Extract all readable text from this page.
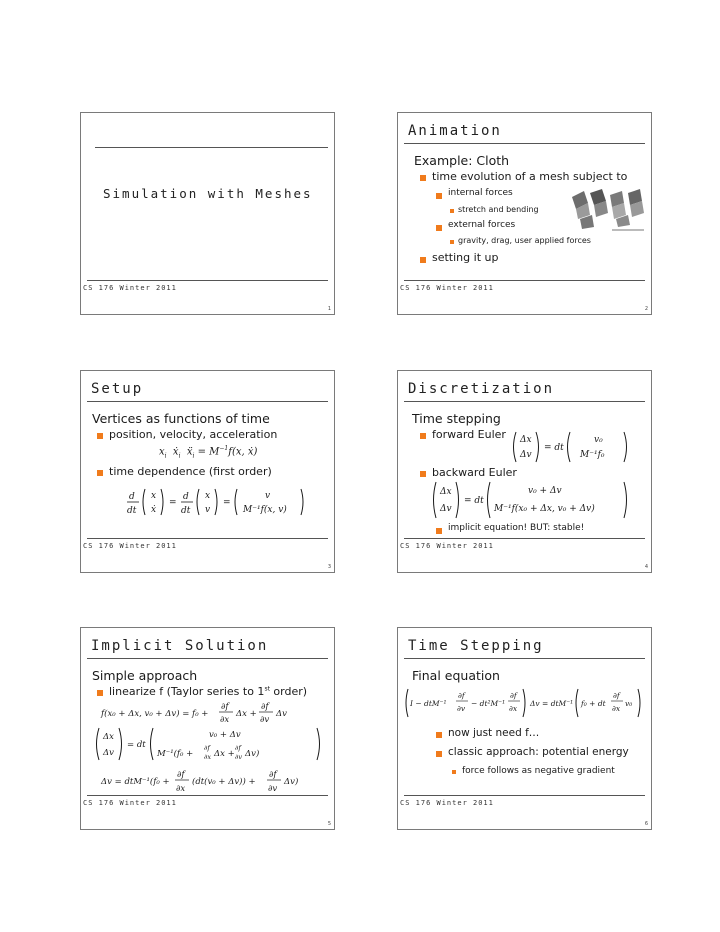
Simulation with Meshes
CS 176 Winter 2011
1
Animation
Example: Cloth
time evolution of a mesh subject to
internal forces
stretch and bending
external forces
gravity, drag, user applied forces
setting it up
CS 176 Winter 2011
2
Setup
Vertices as functions of time
position, velocity, acceleration
$x_i$  ẋ$_i$  ẍ$_i$ = $M^{-1}f(x$, ẋ)
time dependence (first order)
d
dt
x
ẋ
=
d
dt
x
v
=
v
M⁻¹f(x, v)
CS 176 Winter 2011
3
Discretization
Time stepping
forward Euler Δx
Δv
= dt
v₀
M⁻¹f₀
backward Euler
Δx
Δv
= dt
v₀ + Δv
M⁻¹f(x₀ + Δx, v₀ + Δv)
implicit equation! BUT: stable!
CS 176 Winter 2011
4
Implicit Solution
Simple approach
linearize f (Taylor series to 1st order)
f(x₀ + Δx, v₀ + Δv) = f₀ +
∂f
∂x
Δx +
∂f
∂v
Δv
Δx
Δv
= dt
v₀ + Δv
M⁻¹(f₀ +
∂f
∂x Δx +
∂f
∂v Δv)
Δv = dtM⁻¹(f₀ +
∂f
∂x
(dt(v₀ + Δv)) +
∂f
∂v
Δv)
CS 176 Winter 2011
5
Time Stepping
Final equation
I − dtM⁻¹
∂f
∂v
− dt²M⁻¹
∂f
∂x
Δv = dtM⁻¹ f₀ + dt
∂f
∂x
v₀
now just need f…
classic approach: potential energy
force follows as negative gradient
CS 176 Winter 2011
6
